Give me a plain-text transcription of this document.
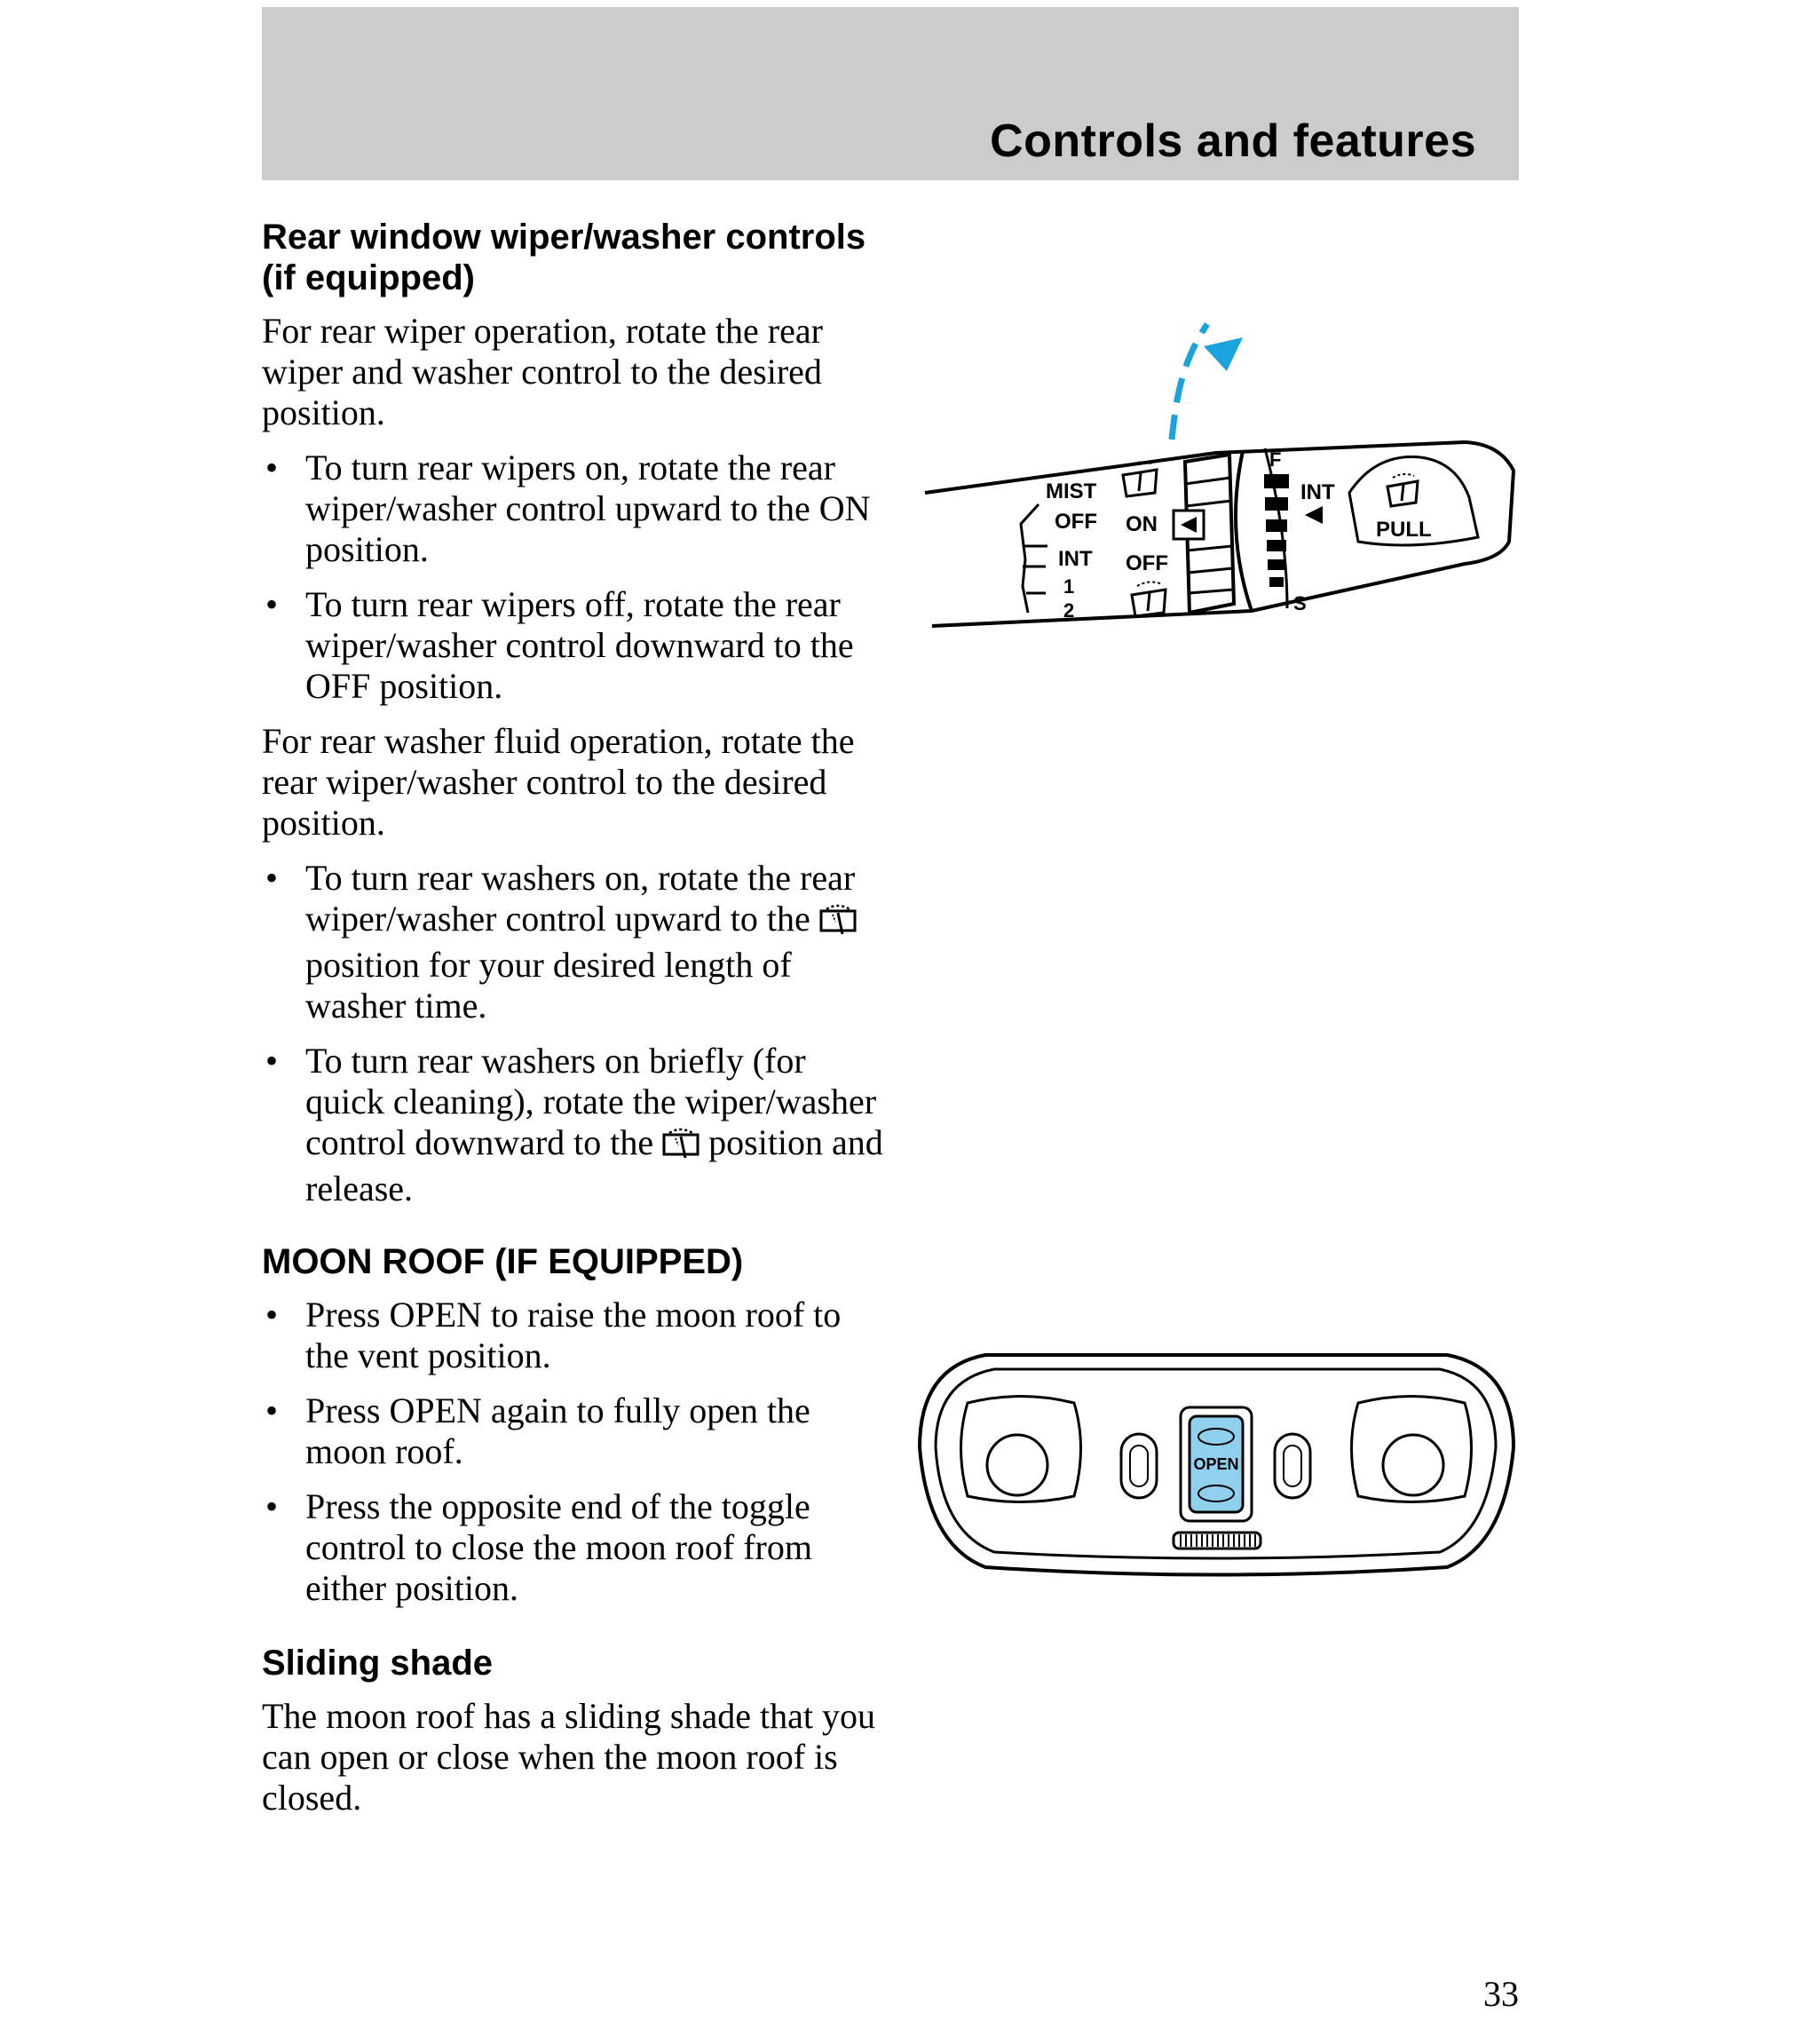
Controls and features
Rear window wiper/washer controls (if equipped)

For rear wiper operation, rotate the rear wiper and washer control to the desired position.

• To turn rear wipers on, rotate the rear wiper/washer control upward to the ON position.
• To turn rear wipers off, rotate the rear wiper/washer control downward to the OFF position.

For rear washer fluid operation, rotate the rear wiper/washer control to the desired position.

• To turn rear washers on, rotate the rear wiper/washer control upward to theposition for your desired length of washer time.
• To turn rear washers on briefly (for quick cleaning), rotate the wiper/washer control downward to the position and release.
MOON ROOF (IF EQUIPPED)
• Press OPEN to raise the moon roof to the vent position.
• Press OPEN again to fully open the moon roof.
• Press the opposite end of the toggle control to close the moon roof from either position.
Sliding shade

The moon roof has a sliding shade that you can open or close when the moon roof is closed.

MIST
OFF
INT
1
2
ON
OFF
F
S
INT
PULL
OPEN
33
